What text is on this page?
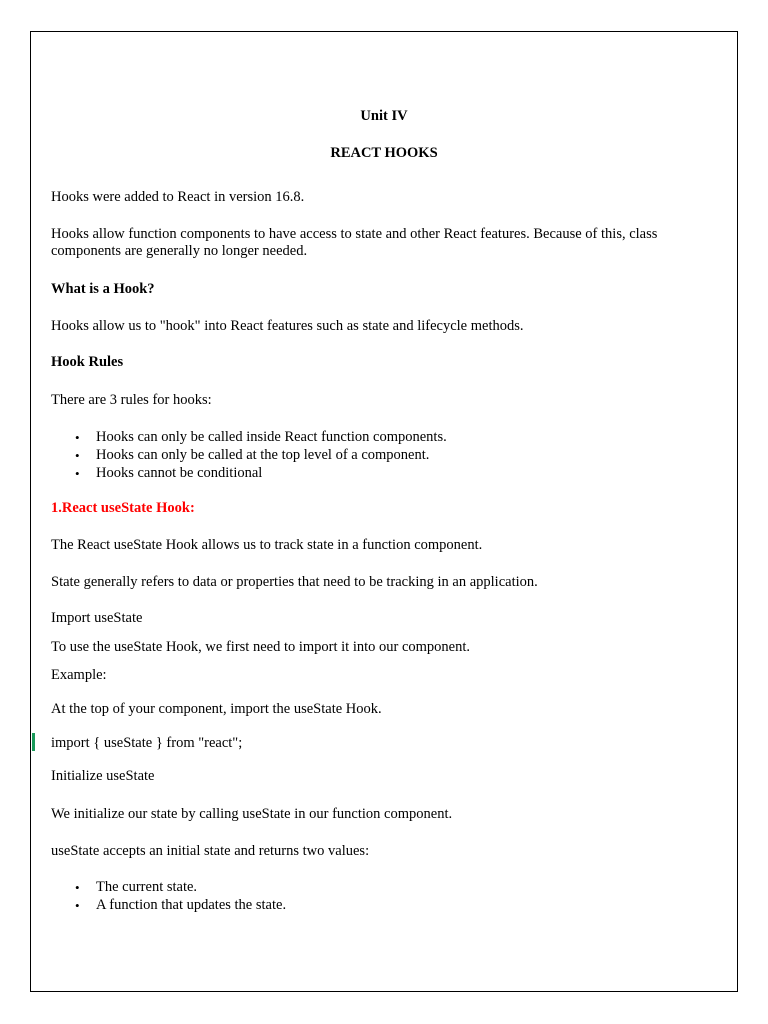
Unit IV

REACT HOOKS

Hooks were added to React in version 16.8.

Hooks allow function components to have access to state and other React features. Because of this, class components are generally no longer needed.

What is a Hook?

Hooks allow us to "hook" into React features such as state and lifecycle methods.

Hook Rules

There are 3 rules for hooks:

• Hooks can only be called inside React function components.
• Hooks can only be called at the top level of a component.
• Hooks cannot be conditional

1.React useState Hook:

The React useState Hook allows us to track state in a function component.

State generally refers to data or properties that need to be tracking in an application.

Import useState

To use the useState Hook, we first need to import it into our component.

Example:

At the top of your component, import the useState Hook.

import { useState } from "react";

Initialize useState

We initialize our state by calling useState in our function component.

useState accepts an initial state and returns two values:

• The current state.
• A function that updates the state.
